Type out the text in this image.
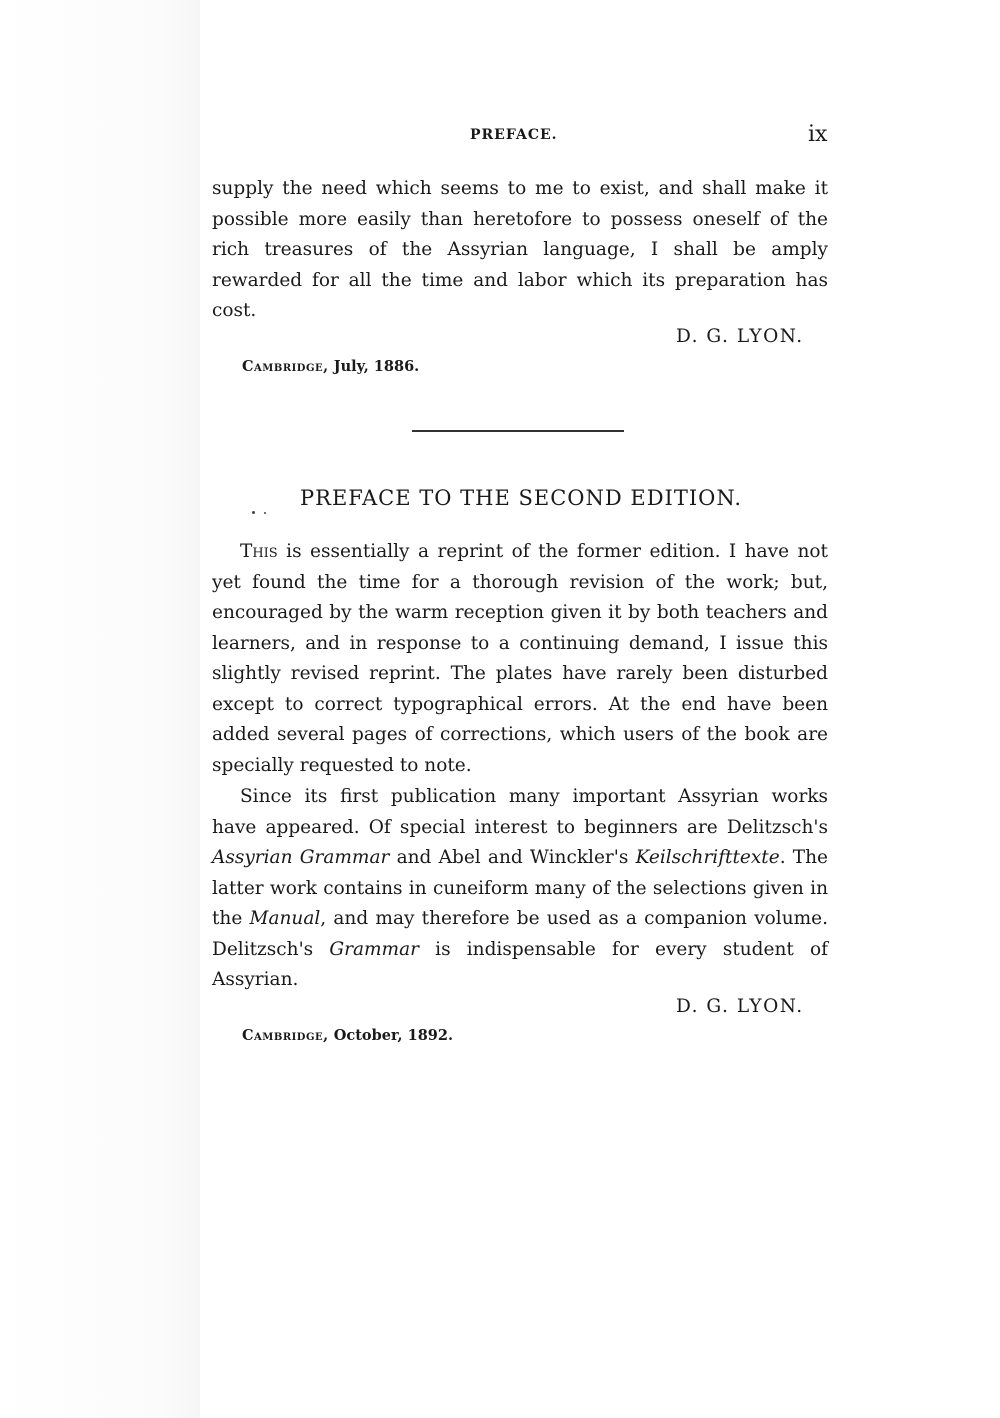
PREFACE.	ix

supply the need which seems to me to exist, and shall make it possible more easily than heretofore to possess oneself of the rich treasures of the Assyrian language, I shall be amply rewarded for all the time and labor which its preparation has cost.

D. G. LYON.
Cambridge, July, 1886.
PREFACE TO THE SECOND EDITION.

This is essentially a reprint of the former edition. I have not yet found the time for a thorough revision of the work; but, encouraged by the warm reception given it by both teachers and learners, and in response to a continuing demand, I issue this slightly revised reprint. The plates have rarely been disturbed except to correct typographical errors. At the end have been added several pages of corrections, which users of the book are specially requested to note.

Since its first publication many important Assyrian works have appeared. Of special interest to beginners are Delitzsch's Assyrian Grammar and Abel and Winckler's Keilschrifttexte. The latter work contains in cuneiform many of the selections given in the Manual, and may therefore be used as a companion volume. Delitzsch's Grammar is indispensable for every student of Assyrian.

D. G. LYON.
Cambridge, October, 1892.
